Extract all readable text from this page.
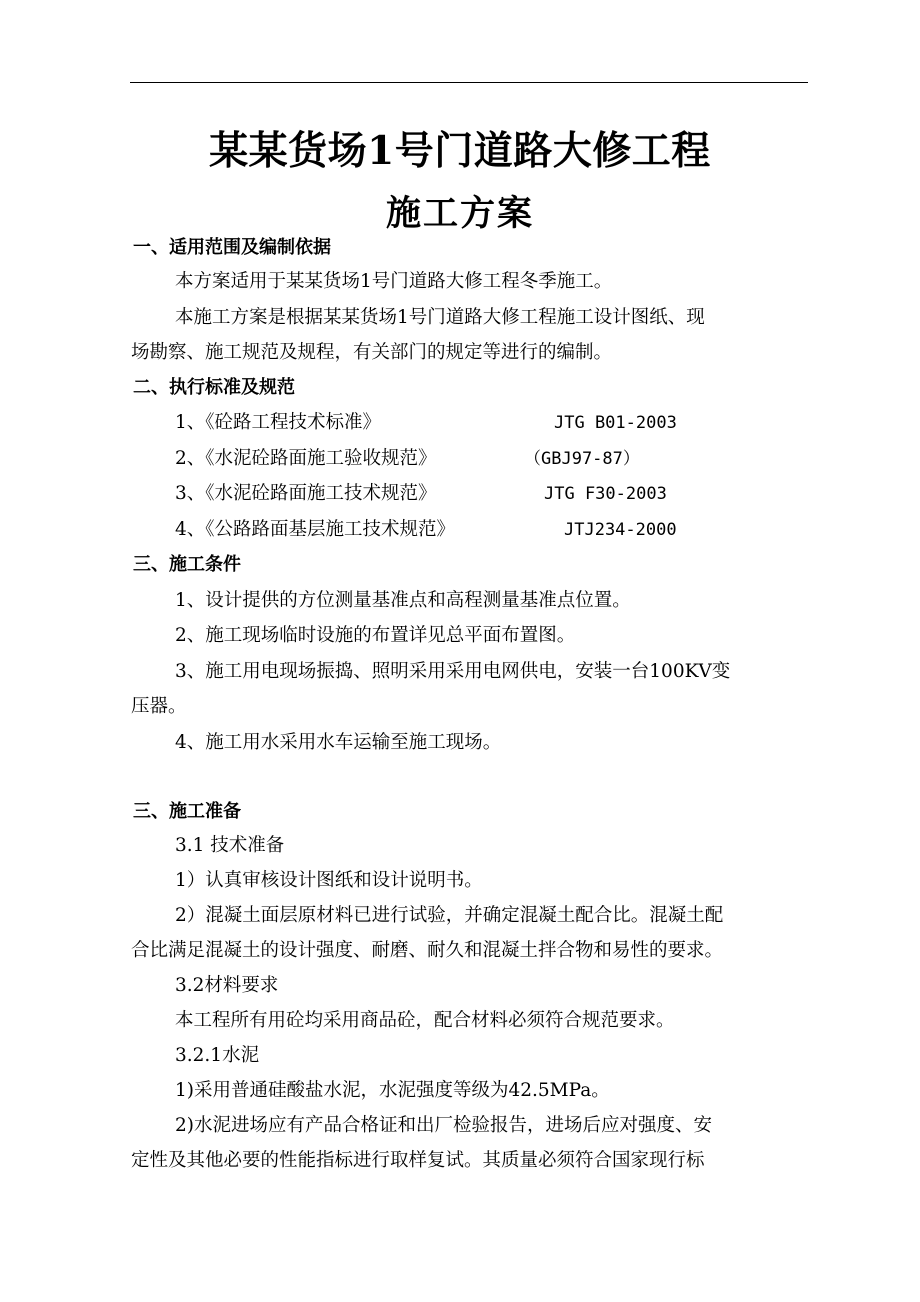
某某货场1号门道路大修工程
施工方案
一、适用范围及编制依据
本方案适用于某某货场1号门道路大修工程冬季施工。
本施工方案是根据某某货场1号门道路大修工程施工设计图纸、现
场勘察、施工规范及规程，有关部门的规定等进行的编制。
二、执行标准及规范
1、《砼路工程技术标准》	JTG B01-2003
2、《水泥砼路面施工验收规范》	（GBJ97-87）
3、《水泥砼路面施工技术规范》	JTG F30-2003
4、《公路路面基层施工技术规范》	JTJ234-2000
三、施工条件
1、设计提供的方位测量基准点和高程测量基准点位置。
2、施工现场临时设施的布置详见总平面布置图。
3、施工用电现场振捣、照明采用采用电网供电，安装一台100KV变
压器。
4、施工用水采用水车运输至施工现场。
三、施工准备
3.1 技术准备
1）认真审核设计图纸和设计说明书。
2）混凝土面层原材料已进行试验，并确定混凝土配合比。混凝土配
合比满足混凝土的设计强度、耐磨、耐久和混凝土拌合物和易性的要求。
3.2材料要求
本工程所有用砼均采用商品砼，配合材料必须符合规范要求。
3.2.1水泥
1)采用普通硅酸盐水泥，水泥强度等级为42.5MPa。
2)水泥进场应有产品合格证和出厂检验报告，进场后应对强度、安
定性及其他必要的性能指标进行取样复试。其质量必须符合国家现行标
